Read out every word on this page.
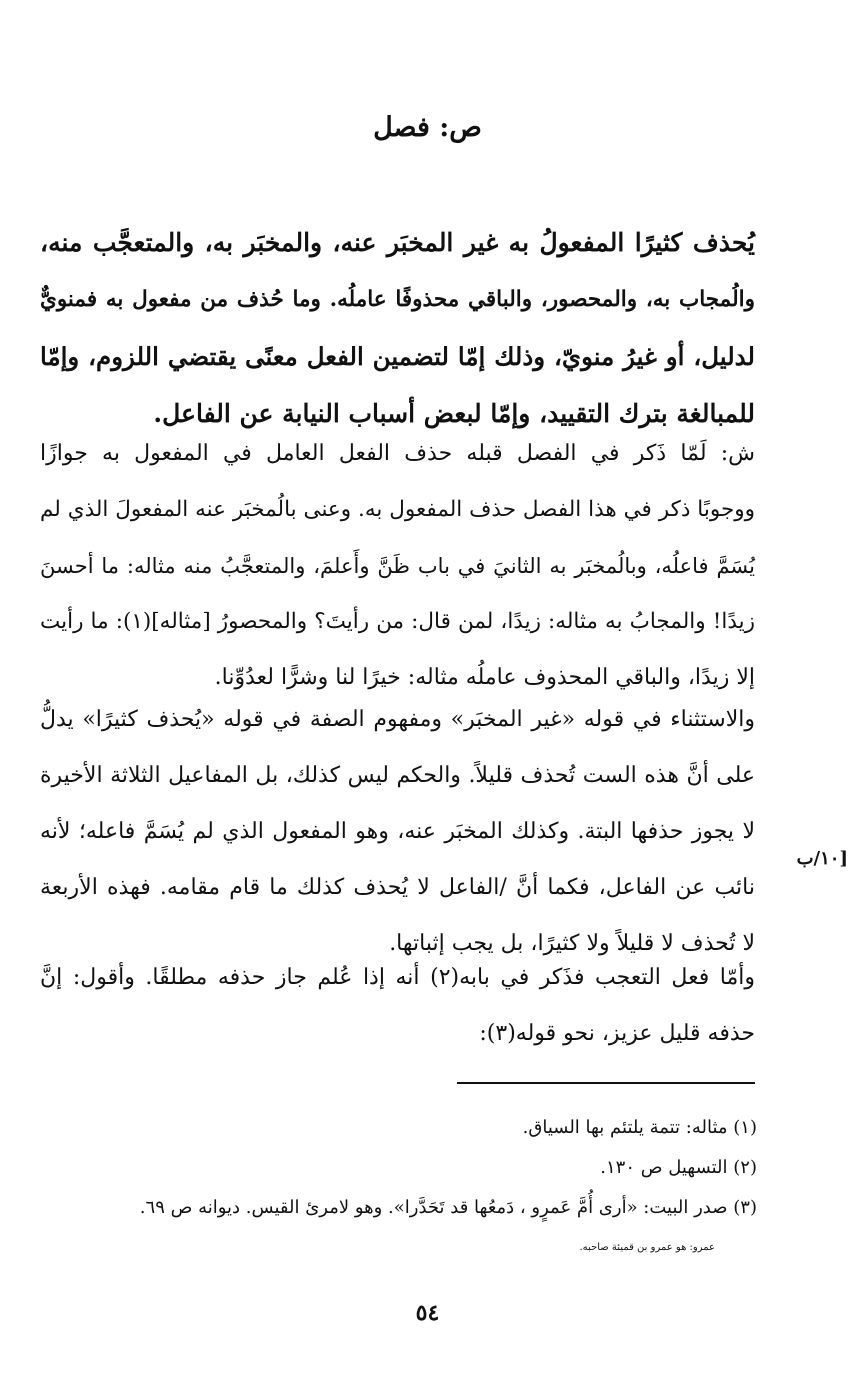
ص: فصل
يُحذف كثيرًا المفعولُ به غير المخبَر عنه، والمخبَر به، والمتعجَّب منه،
والُمجاب به، والمحصور، والباقي محذوفًا عاملُه. وما حُذف من مفعول به فمنويٌّ
لدليل، أو غيرُ منويّ، وذلك إمّا لتضمين الفعل معنًى يقتضي اللزوم، وإمّا
للمبالغة بترك التقييد، وإمّا لبعض أسباب النيابة عن الفاعل.
ش: لَمّا ذَكر في الفصل قبله حذف الفعل العامل في المفعول به جوازًا
ووجوبًا ذكر في هذا الفصل حذف المفعول به. وعنى بالُمخبَر عنه المفعولَ الذي لم
يُسَمَّ فاعلُه، وبالُمخبَر به الثانيَ في باب ظَنَّ وأَعلمَ، والمتعجَّبُ منه مثاله: ما أحسنَ
زيدًا! والمجابُ به مثاله: زيدًا، لمن قال: من رأيتَ؟ والمحصورُ [مثاله](١): ما رأيت
إلا زيدًا، والباقي المحذوف عاملُه مثاله: خيرًا لنا وشرًّا لعدُوِّنا.
والاستثناء في قوله «غير المخبَر» ومفهوم الصفة في قوله «يُحذف كثيرًا» يدلُّ
على أنَّ هذه الست تُحذف قليلاً. والحكم ليس كذلك، بل المفاعيل الثلاثة الأخيرة
لا يجوز حذفها البتة. وكذلك المخبَر عنه، وهو المفعول الذي لم يُسَمَّ فاعله؛ لأنه
نائب عن الفاعل، فكما أنَّ /الفاعل لا يُحذف كذلك ما قام مقامه. فهذه الأربعة
لا تُحذف لا قليلاً ولا كثيرًا، بل يجب إثباتها.
١٠/ب]
وأمّا فعل التعجب فذَكر في بابه(٢) أنه إذا عُلم جاز حذفه مطلقًا. وأقول: إنَّ
حذفه قليل عزيز، نحو قوله(٣):
(١) مثاله: تتمة يلتئم بها السياق.
(٢) التسهيل ص ١٣٠.
(٣) صدر البيت: «أرى أُمَّ عَمرٍو ، دَمعُها قد تَحَدَّرا». وهو لامرئ القيس. ديوانه ص ٦٩.
عمرو: هو عمرو بن قميئة صاحبه.
٥٤
